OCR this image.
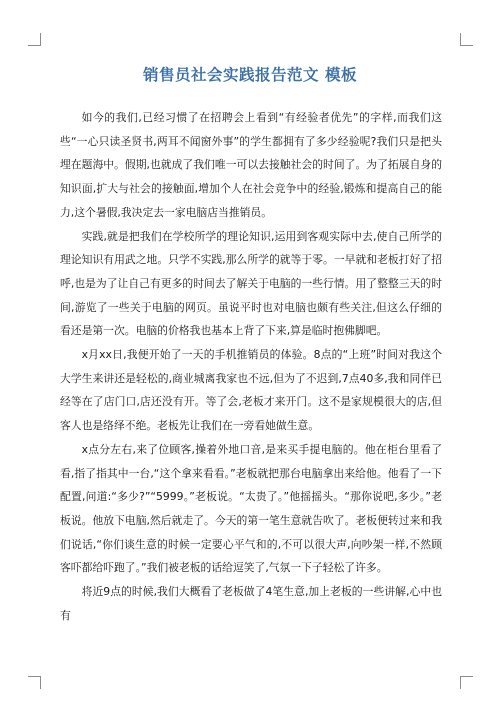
销售员社会实践报告范文 模板

如今的我们,已经习惯了在招聘会上看到“有经验者优先”的字样,而我们这些“一心只读圣贤书,两耳不闻窗外事”的学生都拥有了多少经验呢?我们只是把头埋在题海中。假期,也就成了我们唯一可以去接触社会的时间了。为了拓展自身的知识面,扩大与社会的接触面,增加个人在社会竞争中的经验,锻炼和提高自己的能力,这个暑假,我决定去一家电脑店当推销员。

实践,就是把我们在学校所学的理论知识,运用到客观实际中去,使自己所学的理论知识有用武之地。只学不实践,那么所学的就等于零。一早就和老板打好了招呼,也是为了让自己有更多的时间去了解关于电脑的一些行情。用了整整三天的时间,游览了一些关于电脑的网页。虽说平时也对电脑也颇有些关注,但这么仔细的看还是第一次。电脑的价格我也基本上背了下来,算是临时抱佛脚吧。

x月xx日,我便开始了一天的手机推销员的体验。8点的“上班”时间对我这个大学生来讲还是轻松的,商业城离我家也不远,但为了不迟到,7点40多,我和同伴已经等在了店门口,店还没有开。等了会,老板才来开门。这不是家规模很大的店,但客人也是络绎不绝。老板先让我们在一旁看她做生意。

x点分左右,来了位顾客,操着外地口音,是来买手提电脑的。他在柜台里看了看,指了指其中一台,“这个拿来看看。”老板就把那台电脑拿出来给他。他看了一下配置,问道:“多少?”“5999。”老板说。“太贵了。”他摇摇头。“那你说吧,多少。”老板说。他放下电脑,然后就走了。今天的第一笔生意就告吹了。老板便转过来和我们说话,“你们谈生意的时候一定要心平气和的,不可以很大声,向吵架一样,不然顾客吓都给吓跑了。”我们被老板的话给逗笑了,气氛一下子轻松了许多。

将近9点的时候,我们大概看了老板做了4笔生意,加上老板的一些讲解,心中也有
